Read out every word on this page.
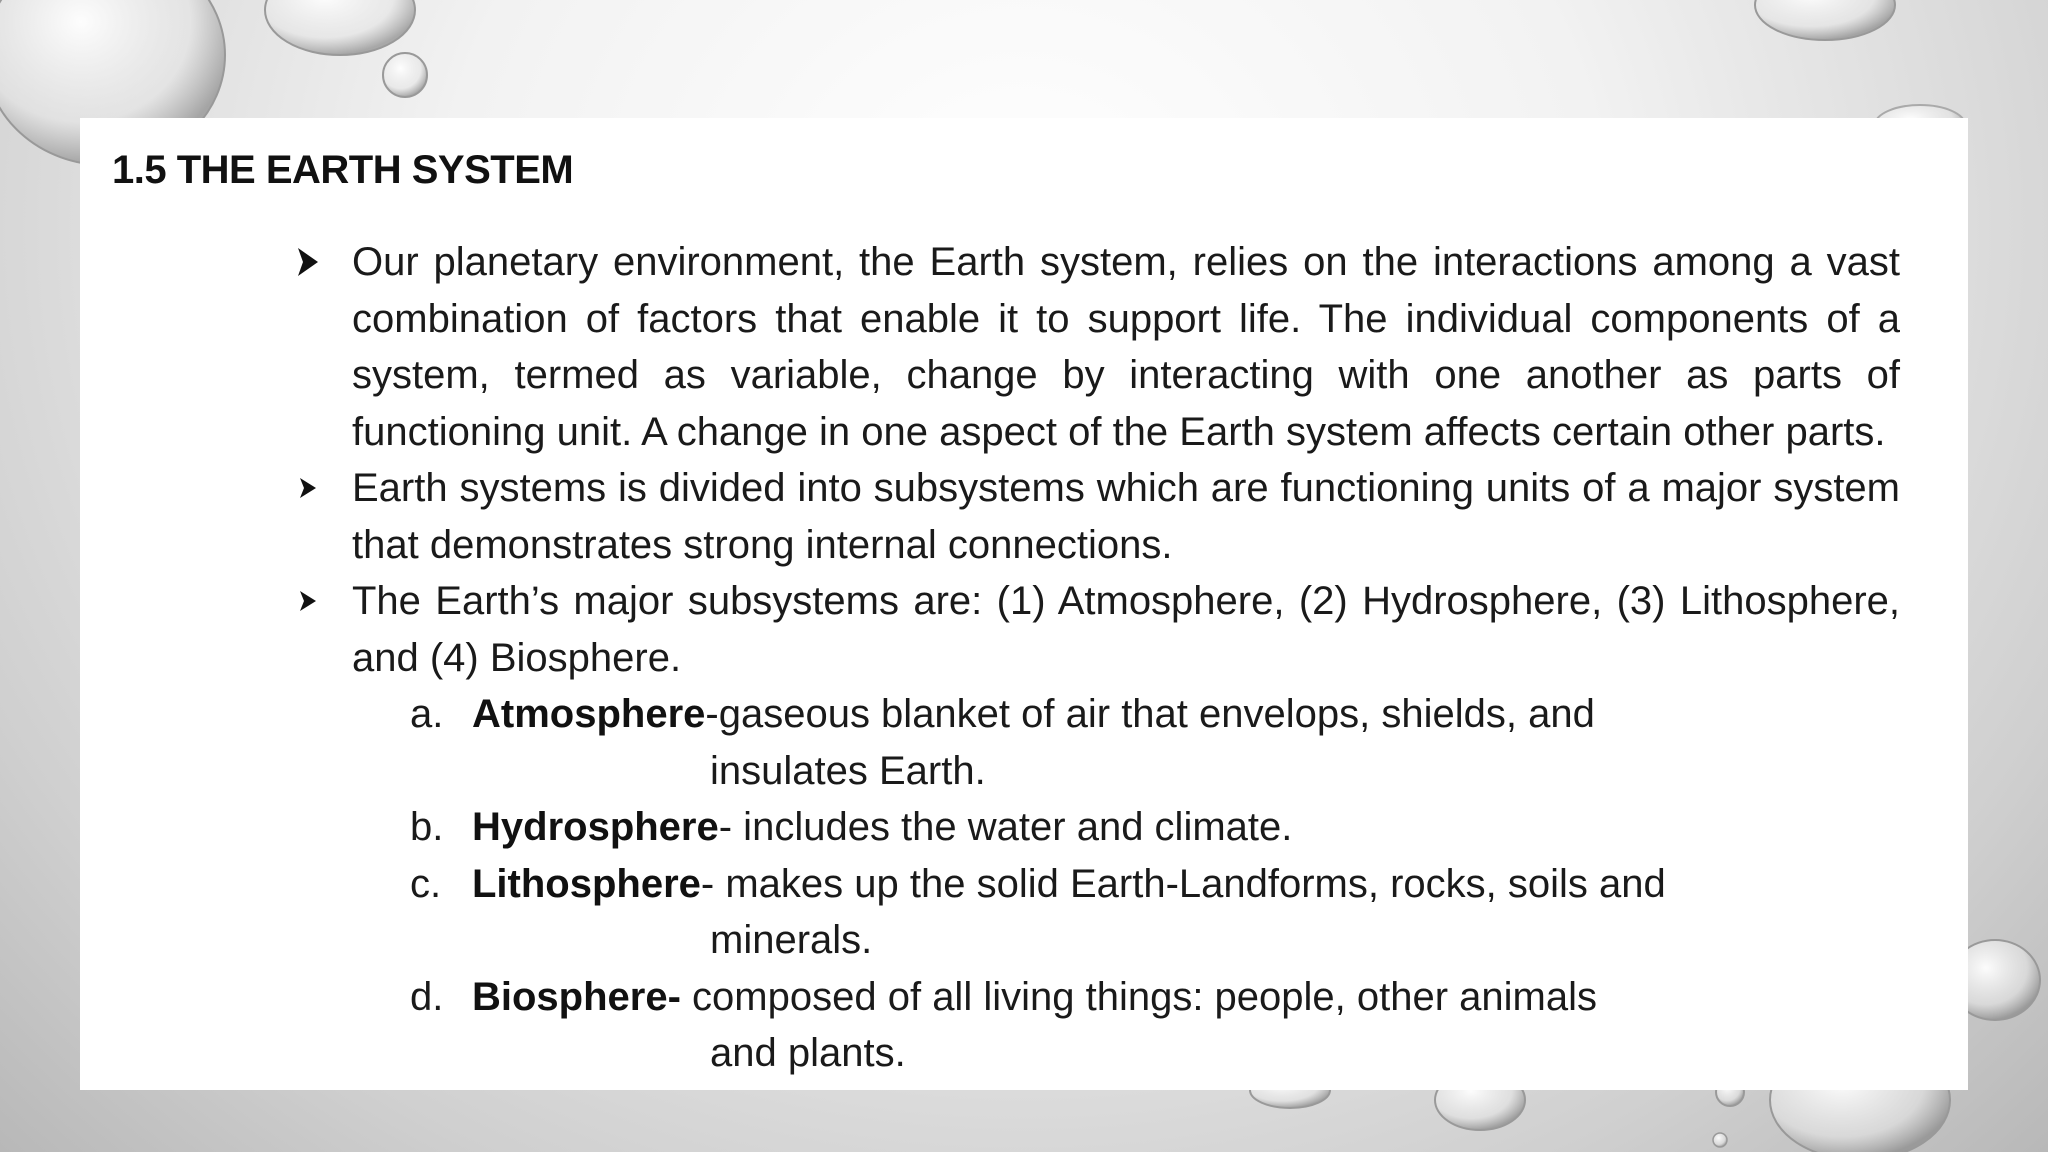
1.5 THE EARTH SYSTEM
Our planetary environment, the Earth system, relies on the interactions among a vast combination of factors that enable it to support life. The individual components of a system, termed as variable, change by interacting with one another as parts of functioning unit. A change in one aspect of the Earth system affects certain other parts.
Earth systems is divided into subsystems which are functioning units of a major system that demonstrates strong internal connections.
The Earth’s major subsystems are: (1) Atmosphere, (2) Hydrosphere, (3) Lithosphere, and (4) Biosphere.
a. Atmosphere-gaseous blanket of air that envelops, shields, and
insulates Earth.
b. Hydrosphere- includes the water and climate.
c. Lithosphere- makes up the solid Earth-Landforms, rocks, soils and
minerals.
d. Biosphere- composed of all living things: people, other animals
and plants.
